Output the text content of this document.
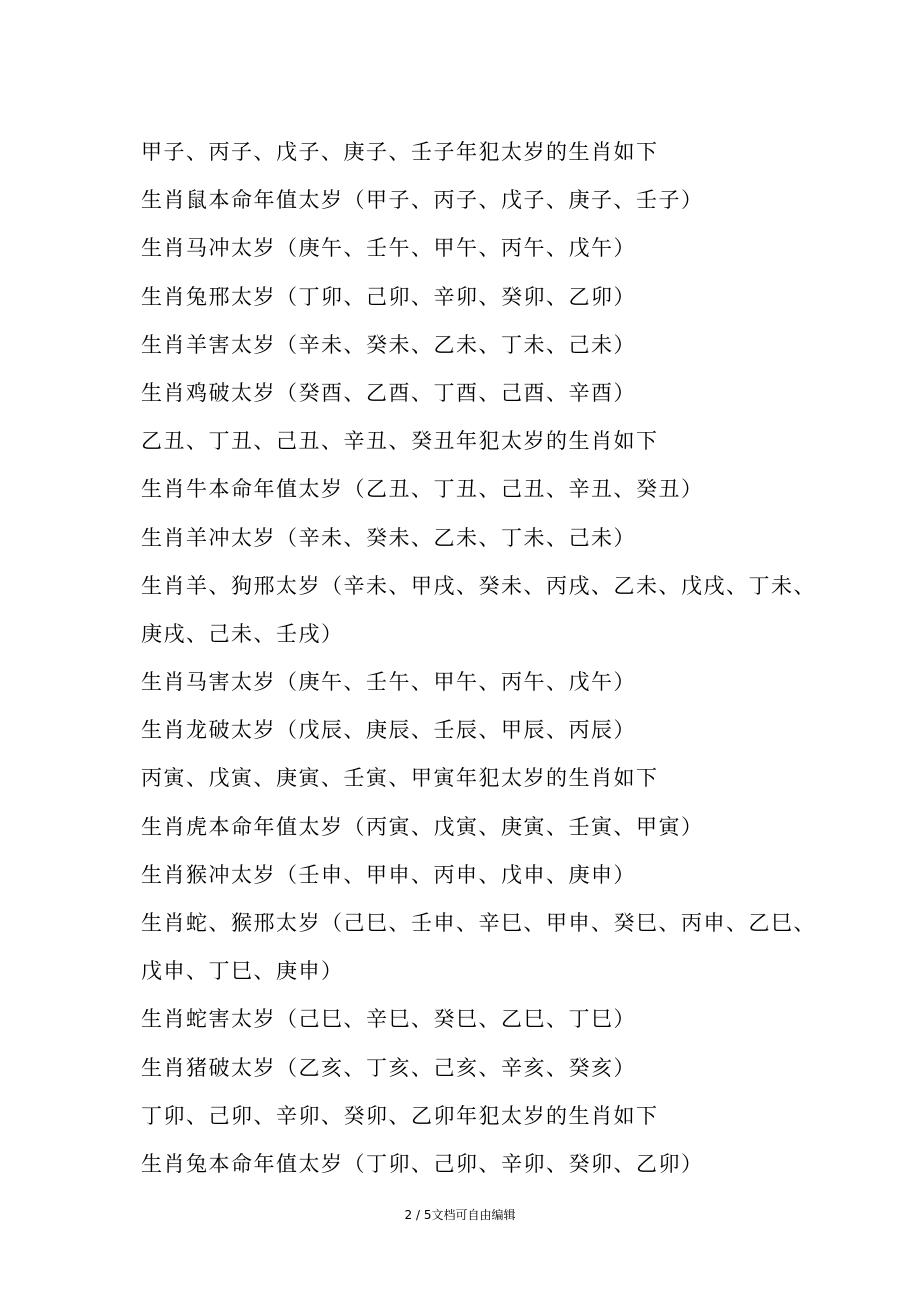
甲子、丙子、戊子、庚子、壬子年犯太岁的生肖如下
生肖鼠本命年值太岁（甲子、丙子、戊子、庚子、壬子）
生肖马冲太岁（庚午、壬午、甲午、丙午、戊午）
生肖兔邢太岁（丁卯、己卯、辛卯、癸卯、乙卯）
生肖羊害太岁（辛未、癸未、乙未、丁未、己未）
生肖鸡破太岁（癸酉、乙酉、丁酉、己酉、辛酉）
乙丑、丁丑、己丑、辛丑、癸丑年犯太岁的生肖如下
生肖牛本命年值太岁（乙丑、丁丑、己丑、辛丑、癸丑）
生肖羊冲太岁（辛未、癸未、乙未、丁未、己未）
生肖羊、狗邢太岁（辛未、甲戌、癸未、丙戌、乙未、戊戌、丁未、
庚戌、己未、壬戌）
生肖马害太岁（庚午、壬午、甲午、丙午、戊午）
生肖龙破太岁（戊辰、庚辰、壬辰、甲辰、丙辰）
丙寅、戊寅、庚寅、壬寅、甲寅年犯太岁的生肖如下
生肖虎本命年值太岁（丙寅、戊寅、庚寅、壬寅、甲寅）
生肖猴冲太岁（壬申、甲申、丙申、戊申、庚申）
生肖蛇、猴邢太岁（己巳、壬申、辛巳、甲申、癸巳、丙申、乙巳、
戊申、丁巳、庚申）
生肖蛇害太岁（己巳、辛巳、癸巳、乙巳、丁巳）
生肖猪破太岁（乙亥、丁亥、己亥、辛亥、癸亥）
丁卯、己卯、辛卯、癸卯、乙卯年犯太岁的生肖如下
生肖兔本命年值太岁（丁卯、己卯、辛卯、癸卯、乙卯）
2 / 5文档可自由编辑
